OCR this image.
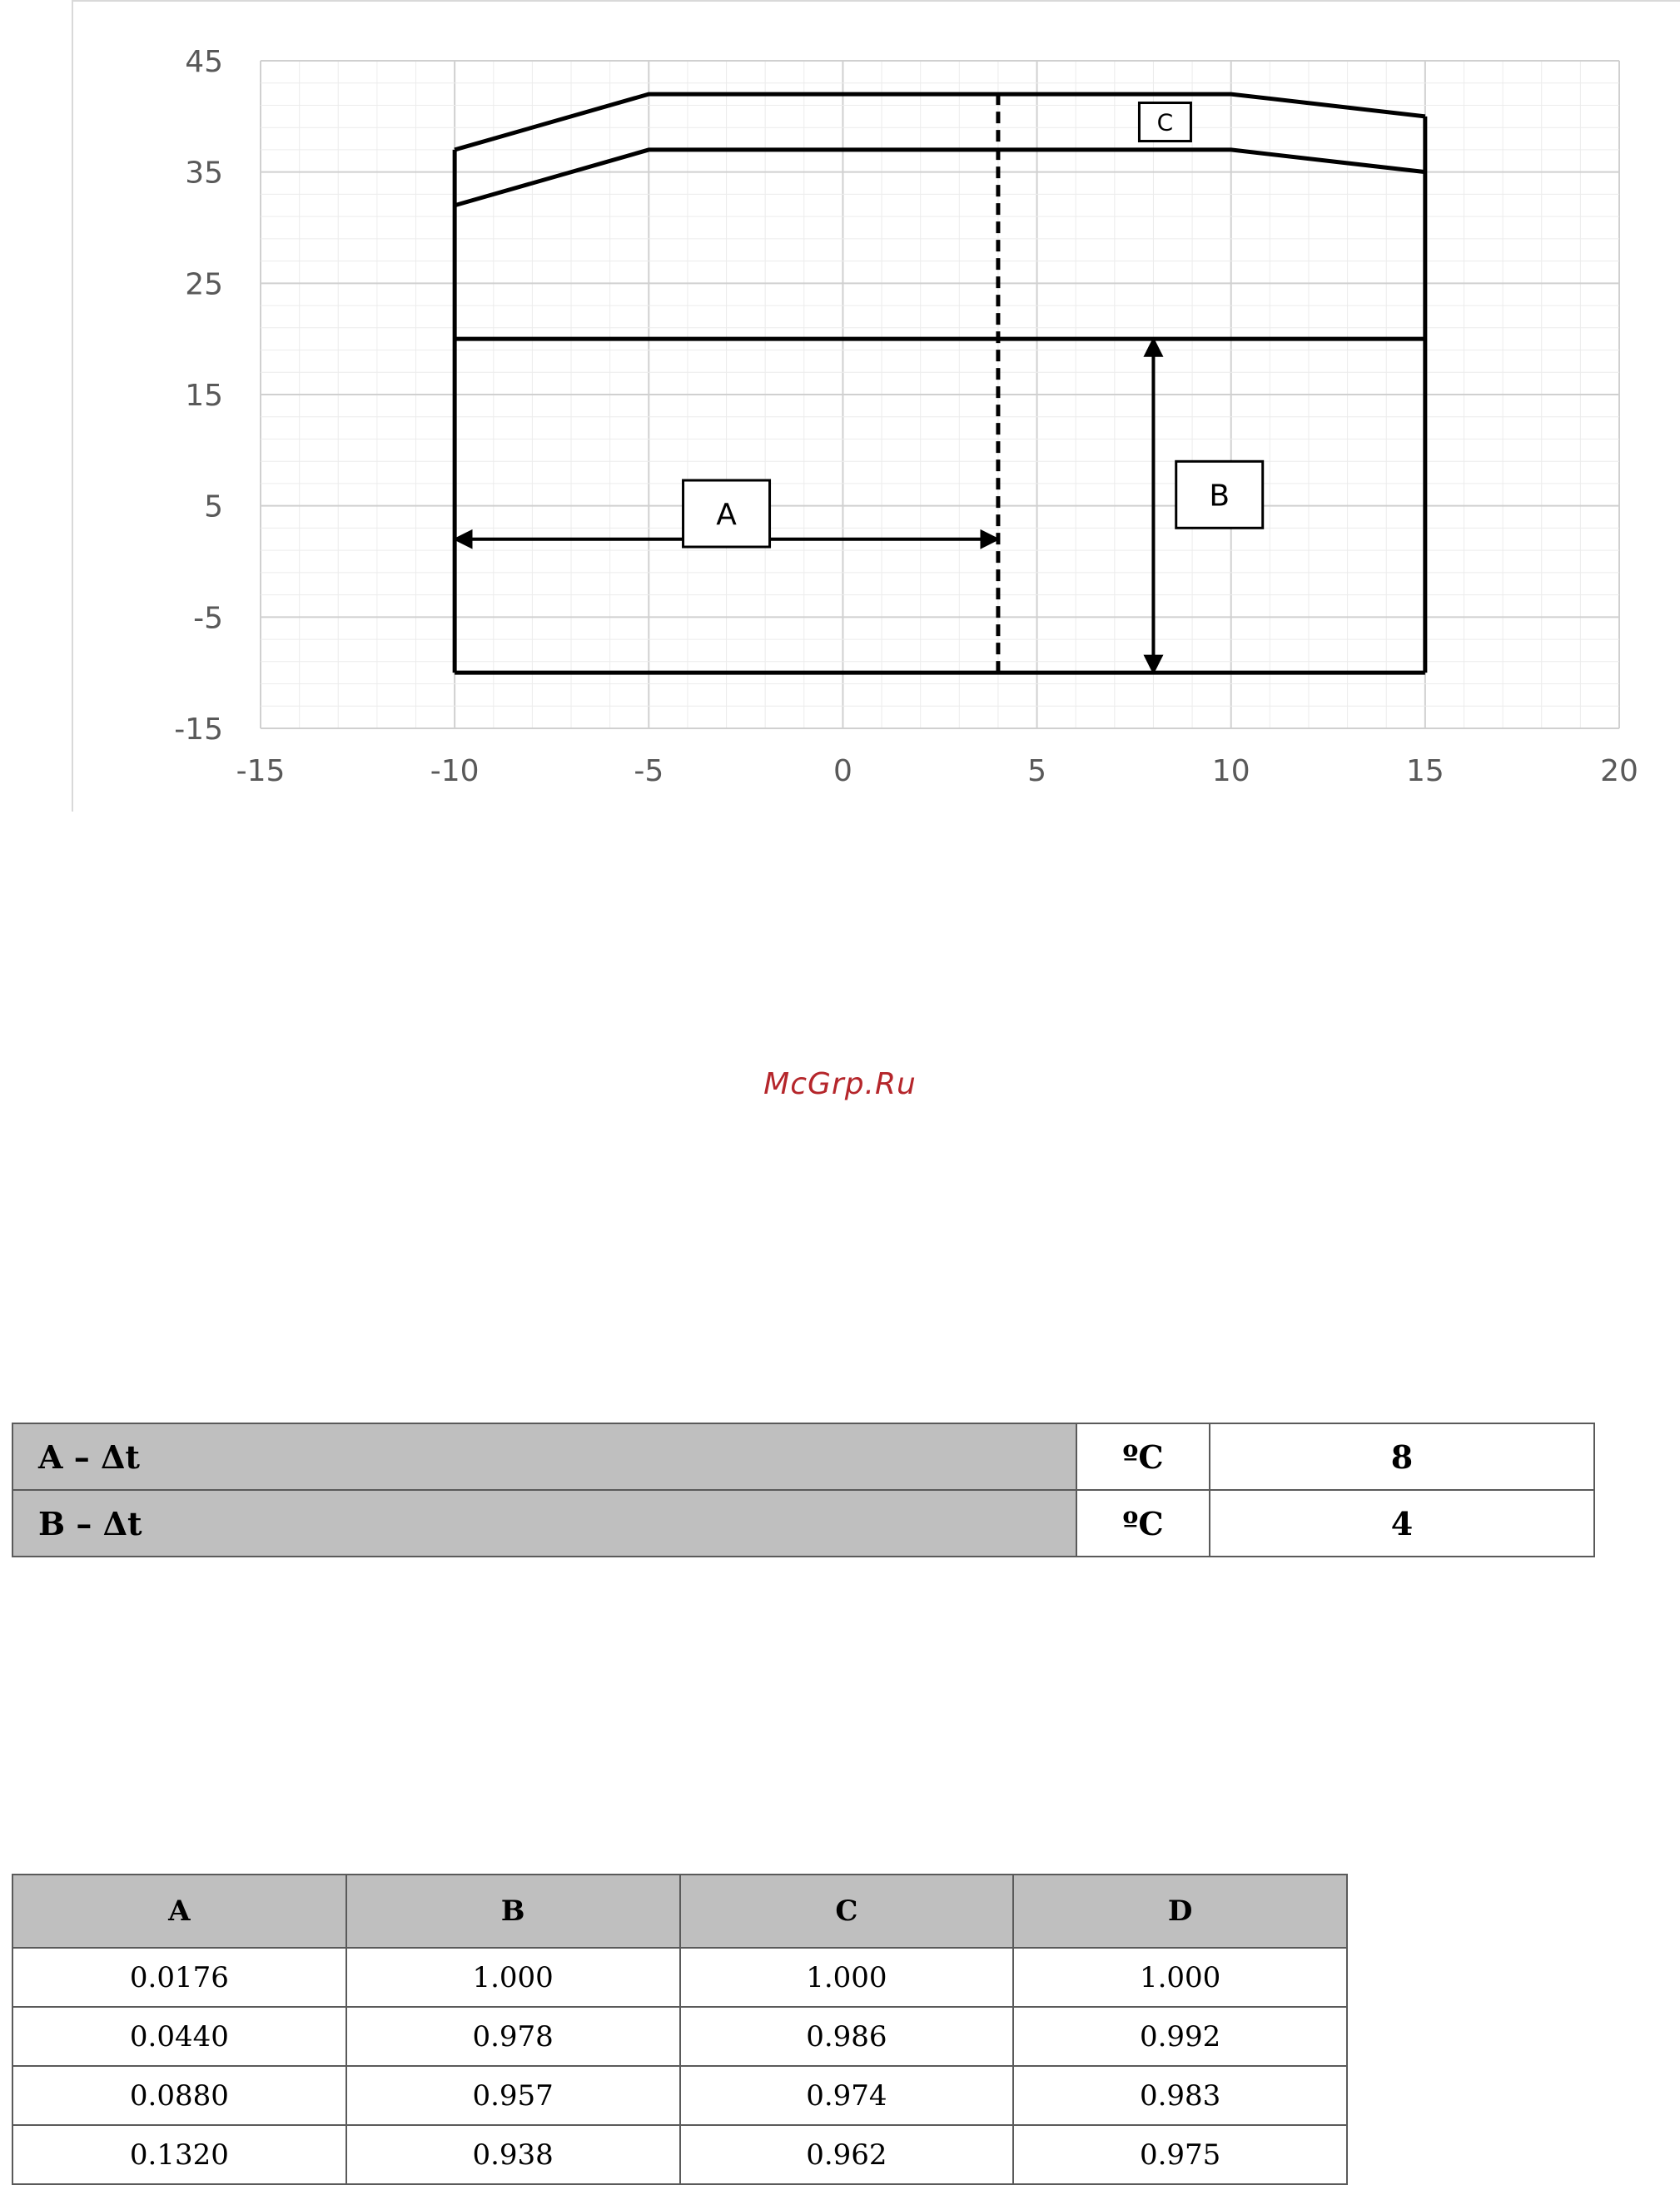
-15	-10	-5	0	5	10	15	20
45
35
25
15
5
-5
-15
A
B
C
McGrp.Ru
A – Δt	ºC	8
B – Δt	ºC	4
A	B	C	D
0.0176	1.000	1.000	1.000
0.0440	0.978	0.986	0.992
0.0880	0.957	0.974	0.983
0.1320	0.938	0.962	0.975
